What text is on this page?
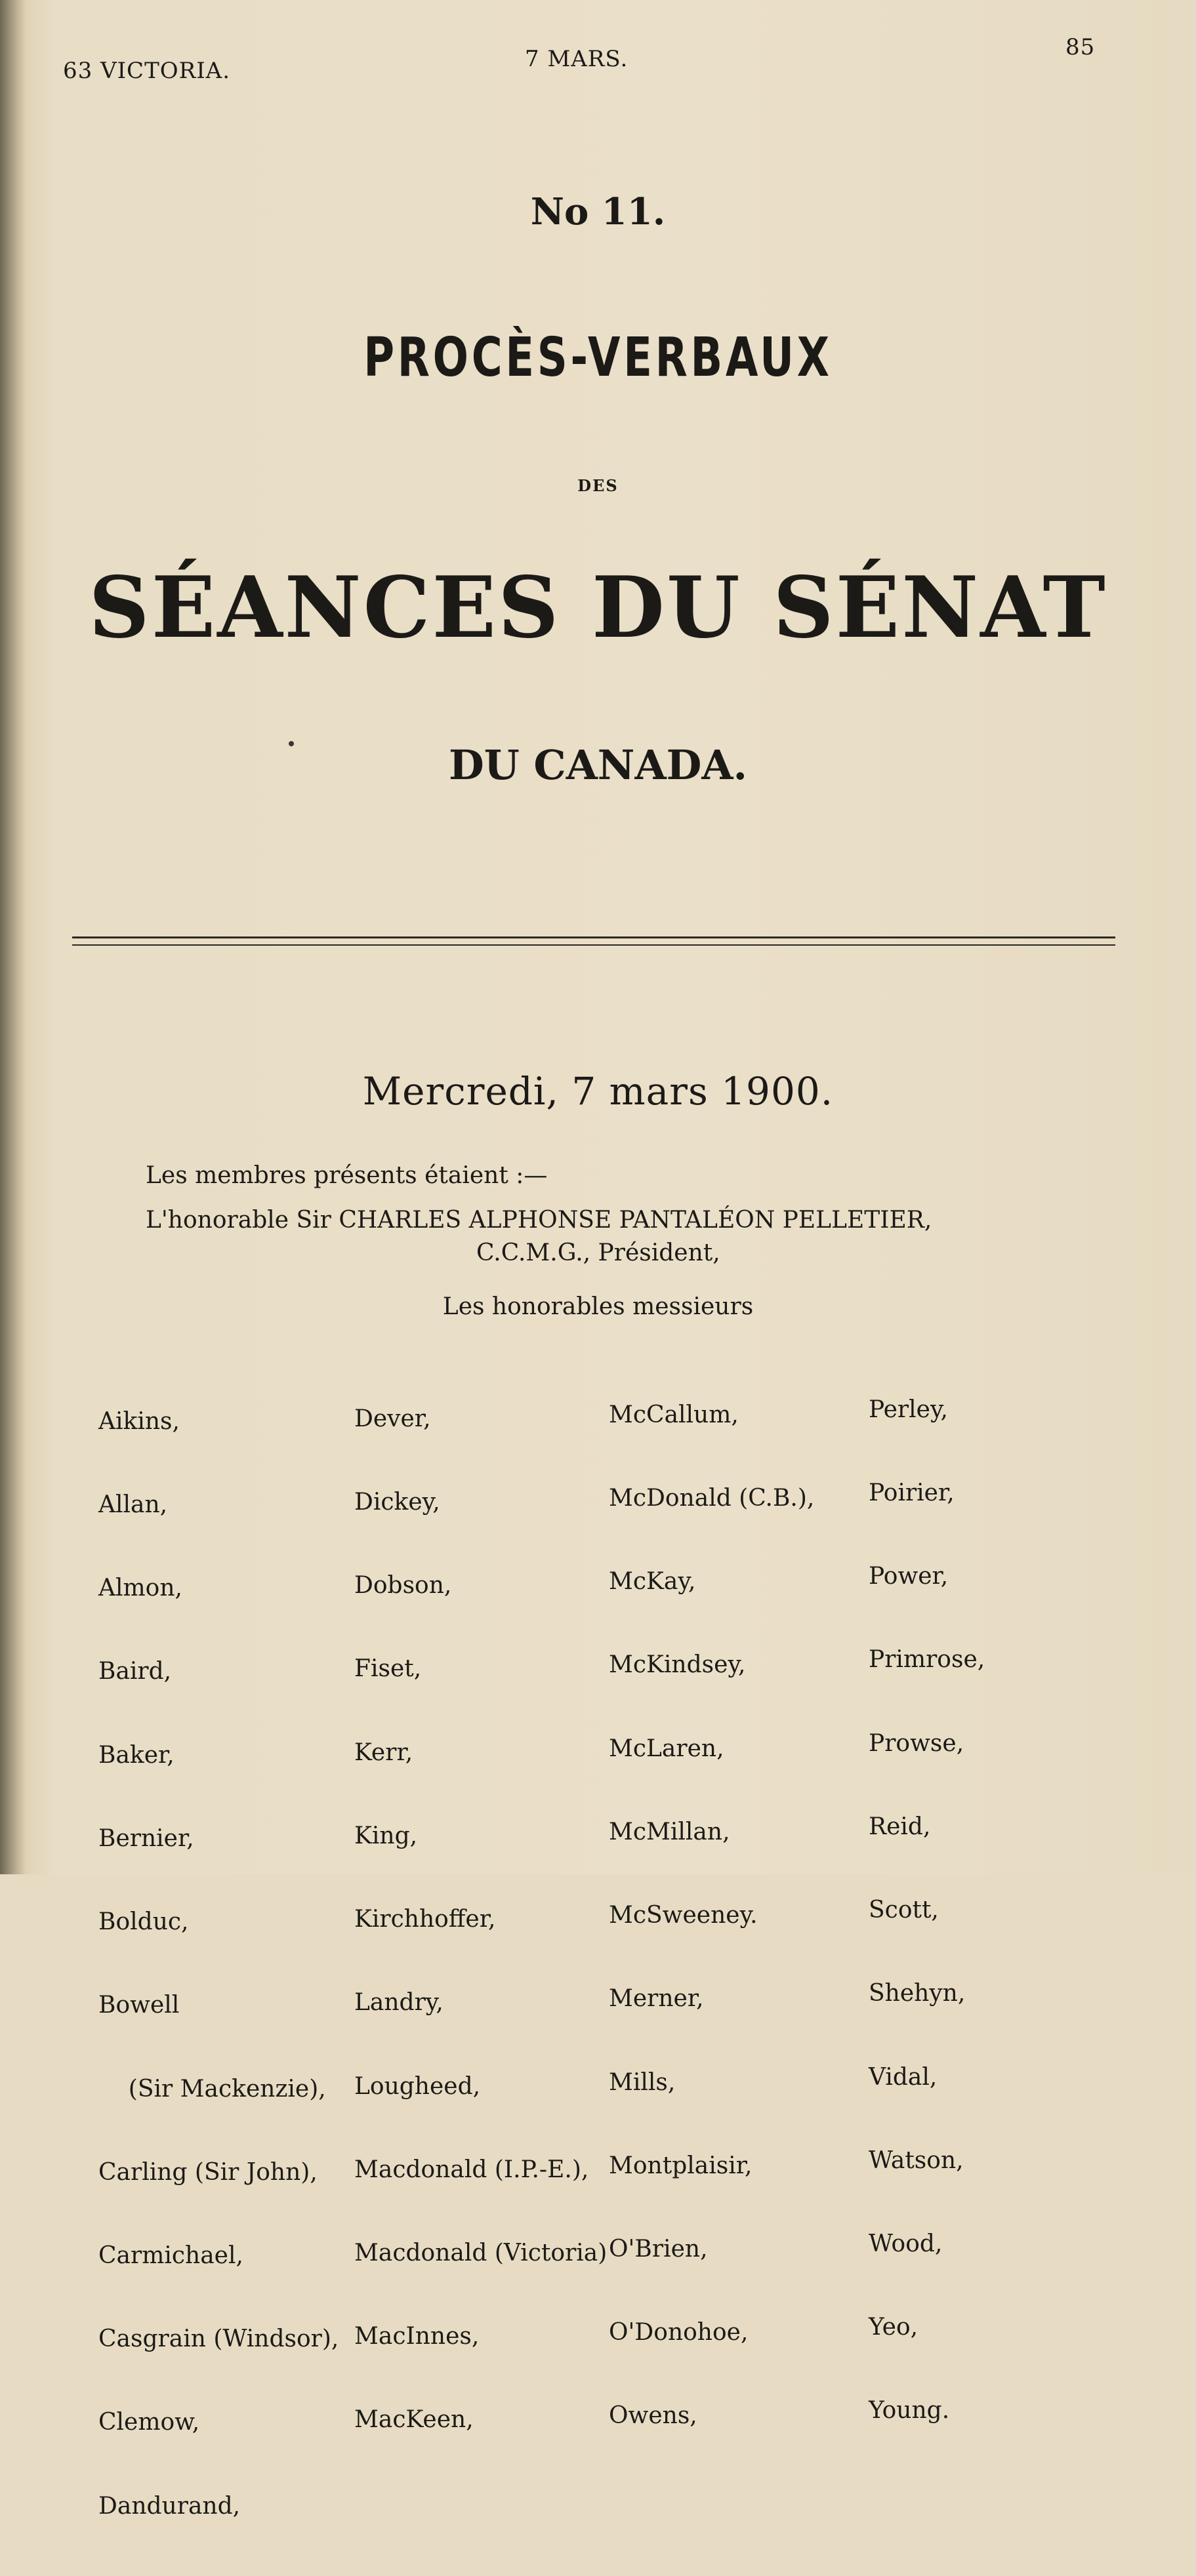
63 VICTORIA.	7 MARS.	85
No 11.
PROCÈS-VERBAUX
DES
SÉANCES DU SÉNAT
DU CANADA.
Mercredi, 7 mars 1900.
Les membres présents étaient :—
L'honorable Sir CHARLES ALPHONSE PANTALÉON PELLETIER,
C.C.M.G., Président,
Les honorables messieurs

Aikins,

Allan,

Almon,

Baird,

Baker,

Bernier,

Bolduc,

Bowell

(Sir Mackenzie),

Carling (Sir John),

Carmichael,

Casgrain (Windsor),

Clemow,

Dandurand,

Dever,

Dickey,

Dobson,

Fiset,

Kerr,

King,

Kirchhoffer,

Landry,

Lougheed,

Macdonald (I.P.-E.),

Macdonald (Victoria)

MacInnes,

MacKeen,

McCallum,

McDonald (C.B.),

McKay,

McKindsey,

McLaren,

McMillan,

McSweeney.

Merner,

Mills,

Montplaisir,

O'Brien,

O'Donohoe,

Owens,

Perley,

Poirier,

Power,

Primrose,

Prowse,

Reid,

Scott,

Shehyn,

Vidal,

Watson,

Wood,

Yeo,

Young.
